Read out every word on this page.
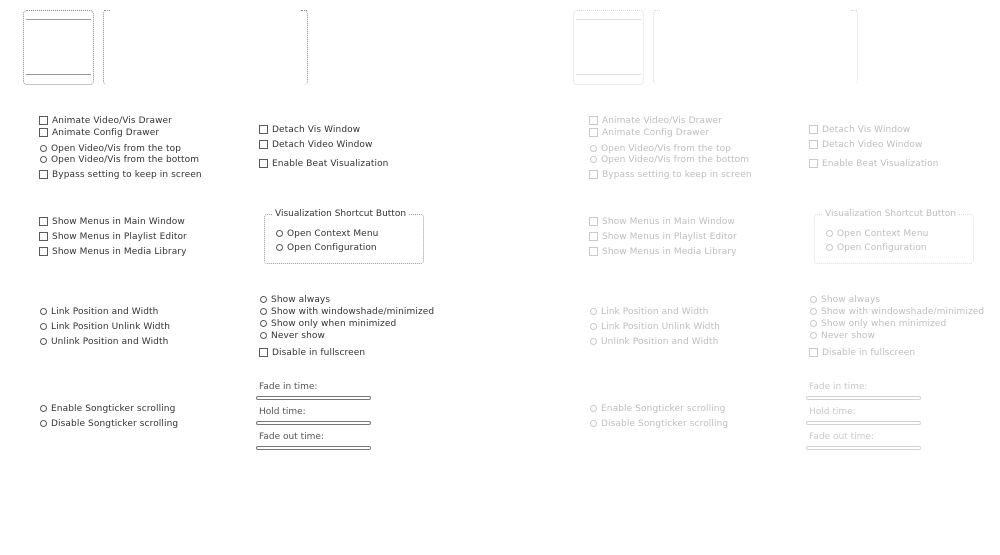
Animate Video/Vis Drawer
Animate Config Drawer
Open Video/Vis from the top
Open Video/Vis from the bottom
Bypass setting to keep in screen
Detach Vis Window
Detach Video Window
Enable Beat Visualization
Show Menus in Main Window
Show Menus in Playlist Editor
Show Menus in Media Library
Visualization Shortcut Button
Open Context Menu
Open Configuration
Link Position and Width
Link Position Unlink Width
Unlink Position and Width
Show always
Show with windowshade/minimized
Show only when minimized
Never show
Disable in fullscreen
Enable Songticker scrolling
Disable Songticker scrolling
Fade in time:
Hold time:
Fade out time:
Animate Video/Vis Drawer
Animate Config Drawer
Open Video/Vis from the top
Open Video/Vis from the bottom
Bypass setting to keep in screen
Detach Vis Window
Detach Video Window
Enable Beat Visualization
Show Menus in Main Window
Show Menus in Playlist Editor
Show Menus in Media Library
Visualization Shortcut Button
Open Context Menu
Open Configuration
Link Position and Width
Link Position Unlink Width
Unlink Position and Width
Show always
Show with windowshade/minimized
Show only when minimized
Never show
Disable in fullscreen
Enable Songticker scrolling
Disable Songticker scrolling
Fade in time:
Hold time:
Fade out time:
